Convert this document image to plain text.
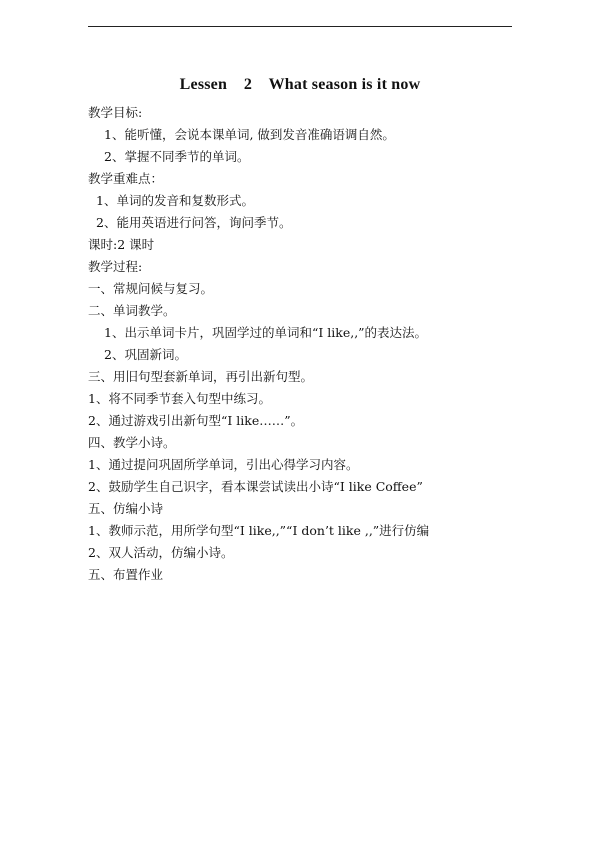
Lessen    2    What season is it now
教学目标:
1、能听懂，会说本课单词, 做到发音准确语调自然。
2、掌握不同季节的单词。
教学重难点：
1、单词的发音和复数形式。
2、能用英语进行问答，询问季节。
课时:2 课时
教学过程:
一、常规问候与复习。
二、单词教学。
1、出示单词卡片，巩固学过的单词和“I like,,”的表达法。
2、巩固新词。
三、用旧句型套新单词，再引出新句型。
1、将不同季节套入句型中练习。
2、通过游戏引出新句型“I like……”。
四、教学小诗。
1、通过提问巩固所学单词，引出心得学习内容。
2、鼓励学生自己识字，看本课尝试读出小诗“I like Coffee”
五、仿编小诗
1、教师示范，用所学句型“I like,,”“I don’t like ,,”进行仿编
2、双人活动，仿编小诗。
五、布置作业
